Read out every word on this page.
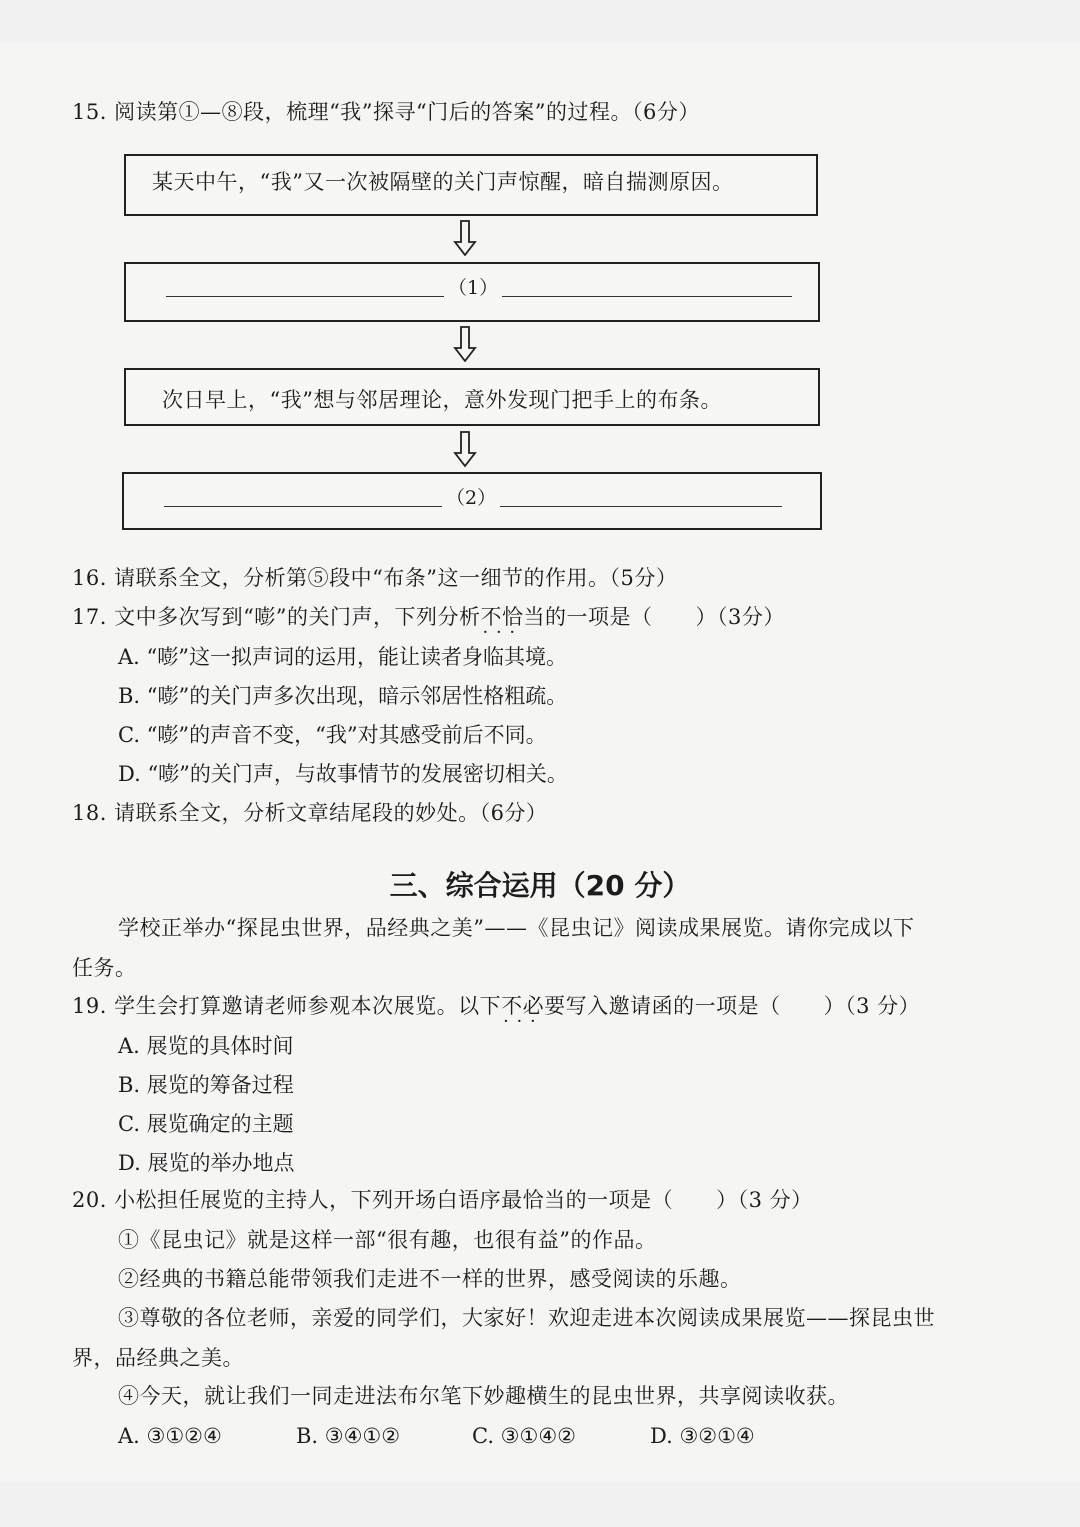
15. 阅读第①—⑧段，梳理“我”探寻“门后的答案”的过程。（6分）
某天中午，“我”又一次被隔壁的关门声惊醒，暗自揣测原因。
（1）
次日早上，“我”想与邻居理论，意外发现门把手上的布条。
（2）
16. 请联系全文，分析第⑤段中“布条”这一细节的作用。（5分）
17. 文中多次写到“嘭”的关门声，下列分析不恰当 · · ·的一项是（　　）（3分）
A. “嘭”这一拟声词的运用，能让读者身临其境。
B. “嘭”的关门声多次出现，暗示邻居性格粗疏。
C. “嘭”的声音不变，“我”对其感受前后不同。
D. “嘭”的关门声，与故事情节的发展密切相关。
18. 请联系全文，分析文章结尾段的妙处。（6分）
三、综合运用（20 分）
学校正举办“探昆虫世界，品经典之美”——《昆虫记》阅读成果展览。请你完成以下
任务。
19. 学生会打算邀请老师参观本次展览。以下不必要 · · ·写入邀请函的一项是（　　）（3 分）
A. 展览的具体时间
B. 展览的筹备过程
C. 展览确定的主题
D. 展览的举办地点
20. 小松担任展览的主持人，下列开场白语序最恰当的一项是（　　）（3 分）
①《昆虫记》就是这样一部“很有趣，也很有益”的作品。
②经典的书籍总能带领我们走进不一样的世界，感受阅读的乐趣。
③尊敬的各位老师，亲爱的同学们，大家好！欢迎走进本次阅读成果展览——探昆虫世
界，品经典之美。
④今天，就让我们一同走进法布尔笔下妙趣横生的昆虫世界，共享阅读收获。
A. ③①②④	B. ③④①②	C. ③①④②	D. ③②①④
